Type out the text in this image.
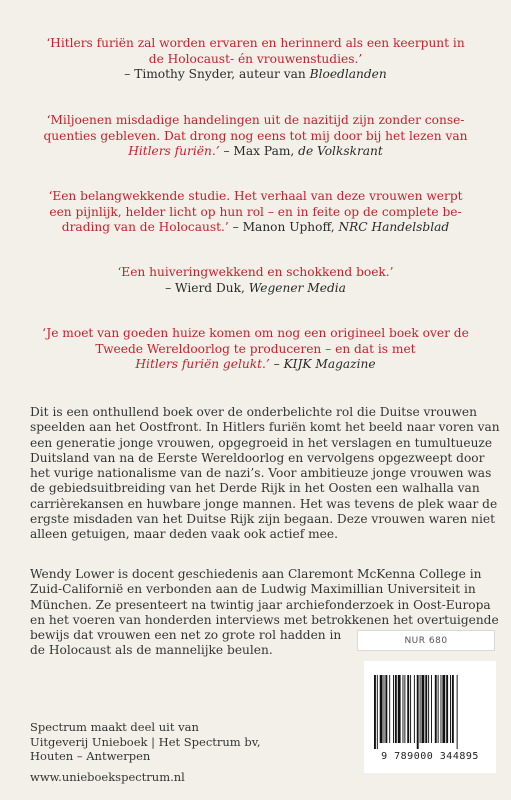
‘Hitlers furiën zal worden ervaren en herinnerd als een keerpunt in
de Holocaust- én vrouwenstudies.’
– Timothy Snyder, auteur van Bloedlanden
‘Miljoenen misdadige handelingen uit de nazitijd zijn zonder conse-
quenties gebleven. Dat drong nog eens tot mij door bij het lezen van
Hitlers furiën.’ – Max Pam, de Volkskrant
‘Een belangwekkende studie. Het verhaal van deze vrouwen werpt
een pijnlijk, helder licht op hun rol – en in feite op de complete be-
drading van de Holocaust.’ – Manon Uphoff, NRC Handelsblad
‘Een huiveringwekkend en schokkend boek.’
– Wierd Duk, Wegener Media
‘Je moet van goeden huize komen om nog een origineel boek over de
Tweede Wereldoorlog te produceren – en dat is met
Hitlers furiën gelukt.’ – KIJK Magazine
Dit is een onthullend boek over de onderbelichte rol die Duitse vrouwen
speelden aan het Oostfront. In Hitlers furiën komt het beeld naar voren van
een generatie jonge vrouwen, opgegroeid in het verslagen en tumultueuze
Duitsland van na de Eerste Wereldoorlog en vervolgens opgezweept door
het vurige nationalisme van de nazi’s. Voor ambitieuze jonge vrouwen was
de gebiedsuitbreiding van het Derde Rijk in het Oosten een walhalla van
carrièrekansen en huwbare jonge mannen. Het was tevens de plek waar de
ergste misdaden van het Duitse Rijk zijn begaan. Deze vrouwen waren niet
alleen getuigen, maar deden vaak ook actief mee.
Wendy Lower is docent geschiedenis aan Claremont McKenna College in
Zuid-Californië en verbonden aan de Ludwig Maximillian Universiteit in
München. Ze presenteert na twintig jaar archiefonderzoek in Oost-Europa
en het voeren van honderden interviews met betrokkenen het overtuigende
bewijs dat vrouwen een net zo grote rol hadden in
de Holocaust als de mannelijke beulen.
NUR 680
9 789000 344895
Spectrum maakt deel uit van
Uitgeverij Unieboek | Het Spectrum bv,
Houten – Antwerpen
www.unieboekspectrum.nl
